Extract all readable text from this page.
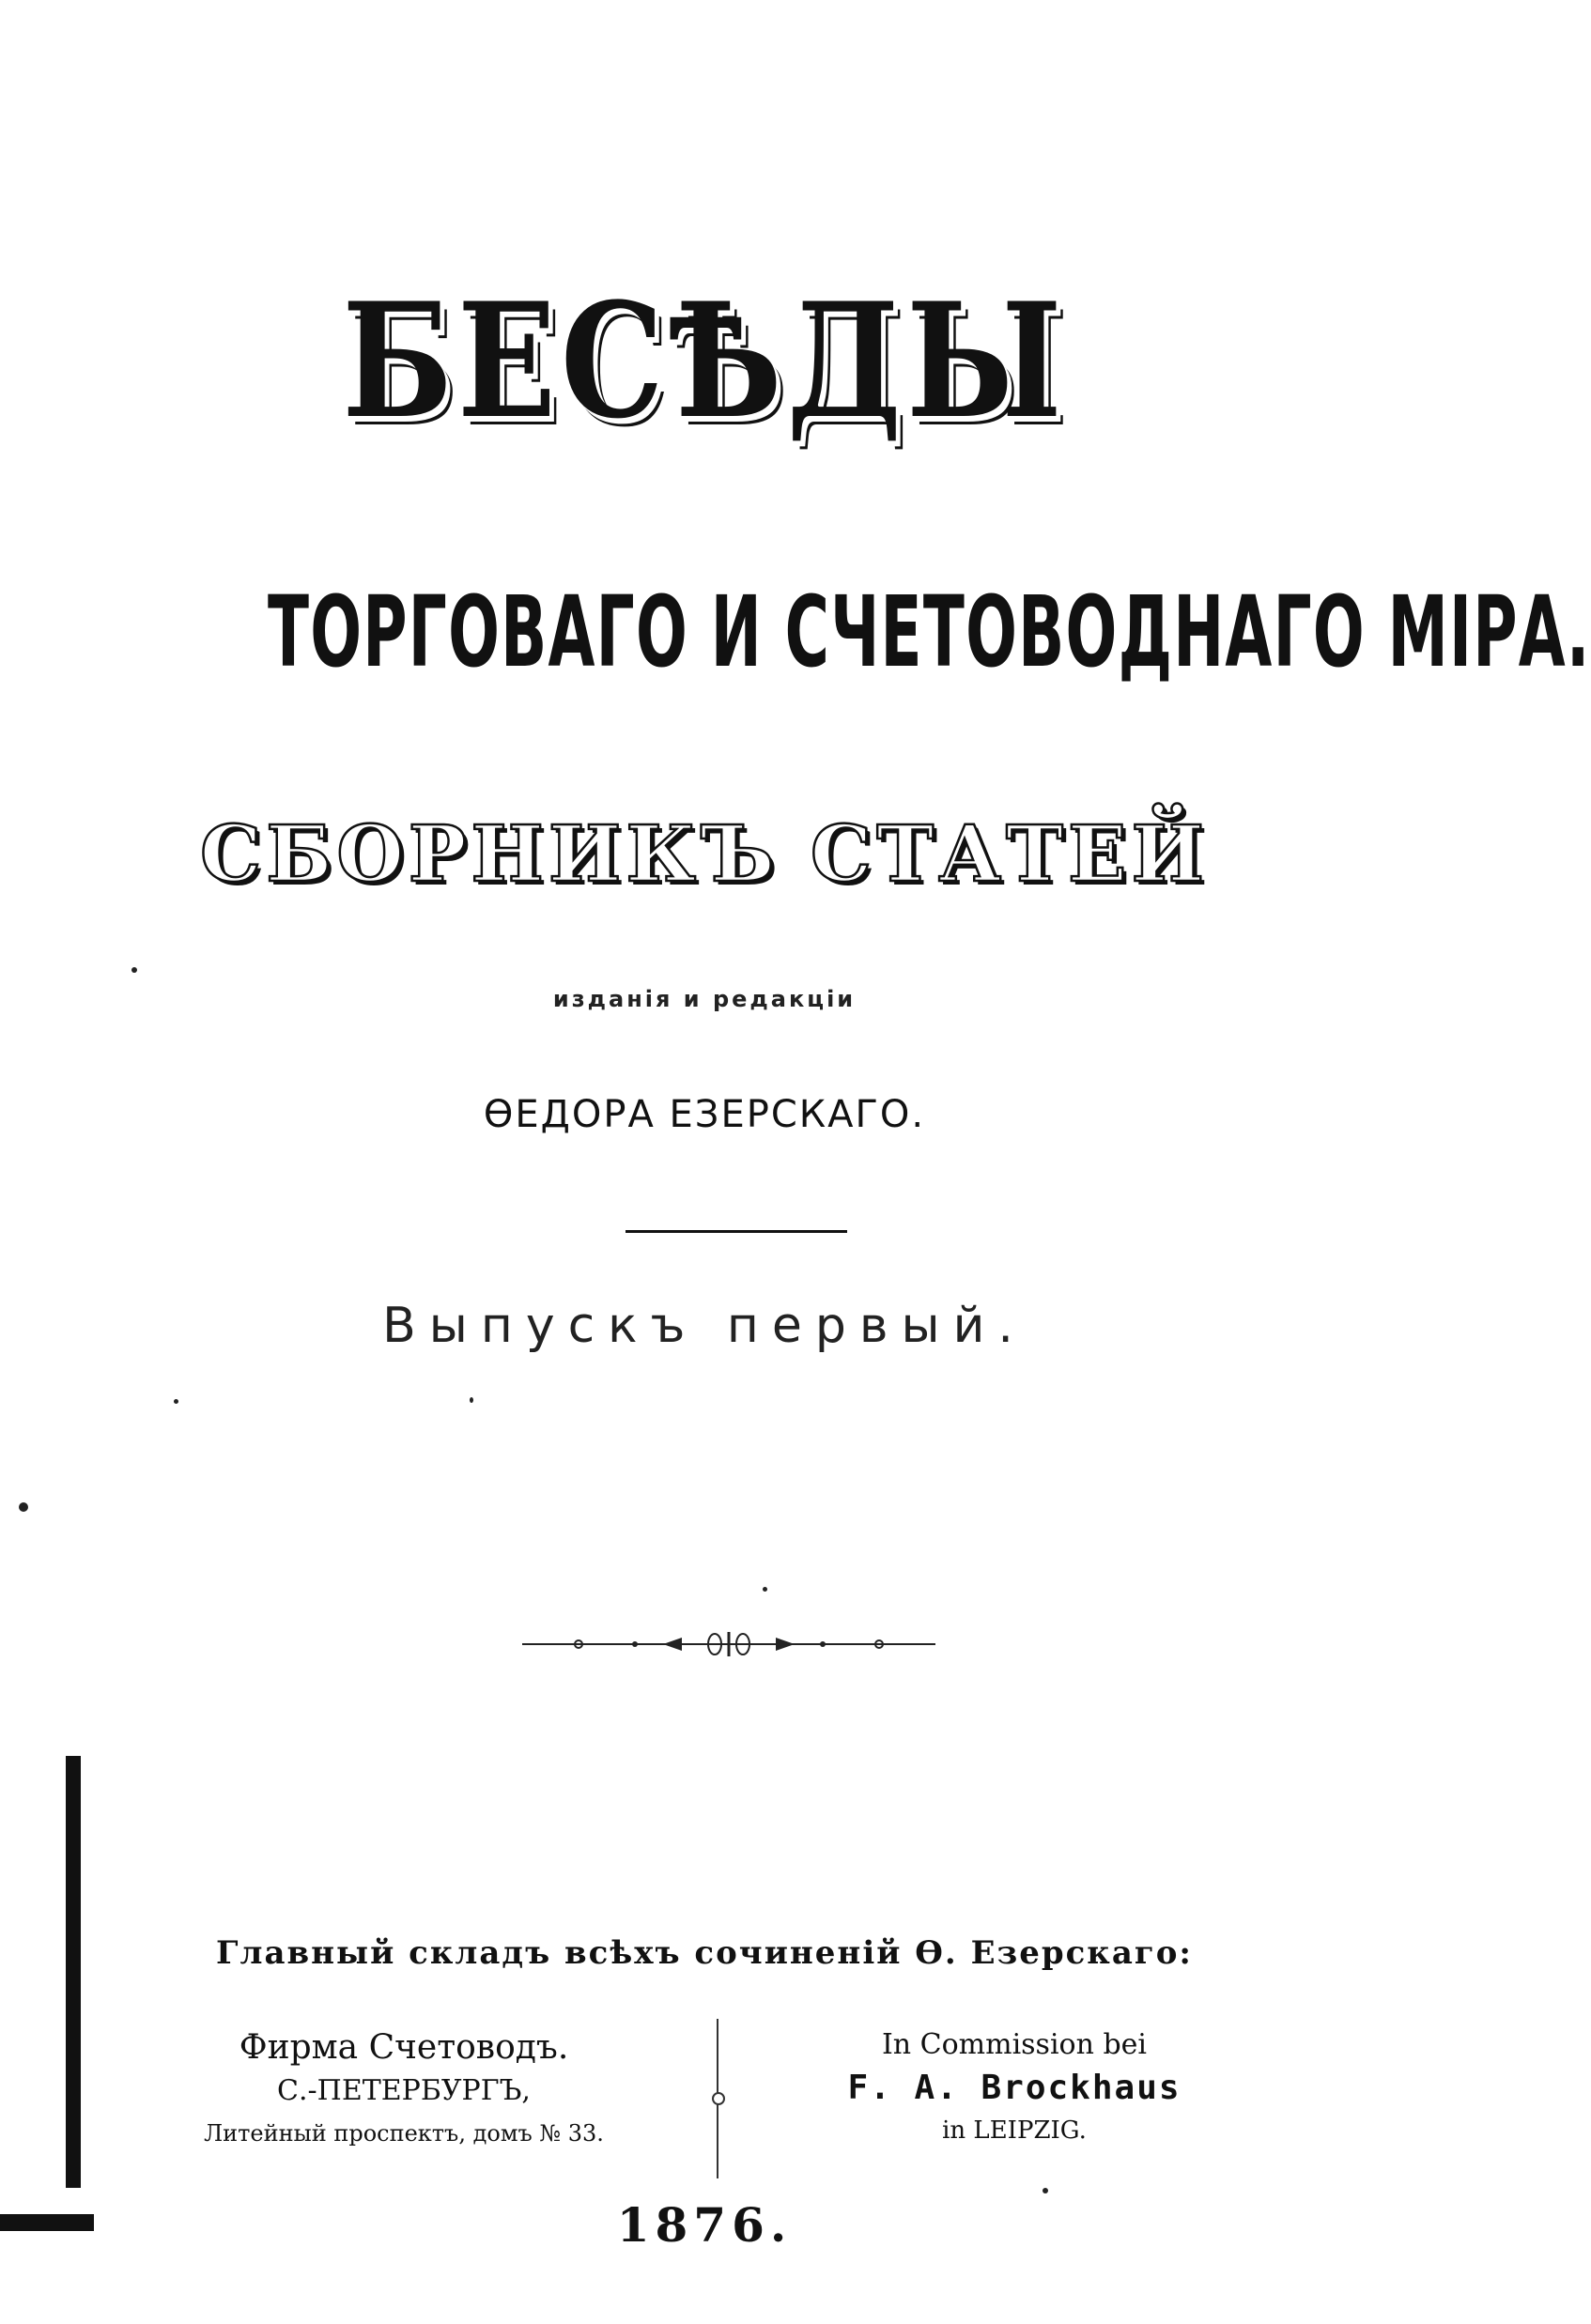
БЕСѢДЫ
ТОРГОВАГО И СЧЕТОВОДНАГО МІРА.
СБОРНИКЪ СТАТЕЙ
изданія и редакціи
ѲЕДОРА ЕЗЕРСКАГО.
Выпускъ первый.
Главный складъ всѣхъ сочиненій Ѳ. Езерскаго:
Фирма Счетоводъ.
С.-ПЕТЕРБУРГЪ,
Литейный проспектъ, домъ № 33.
In Commission bei
F. A. Brockhaus
in LEIPZIG.
1876.
